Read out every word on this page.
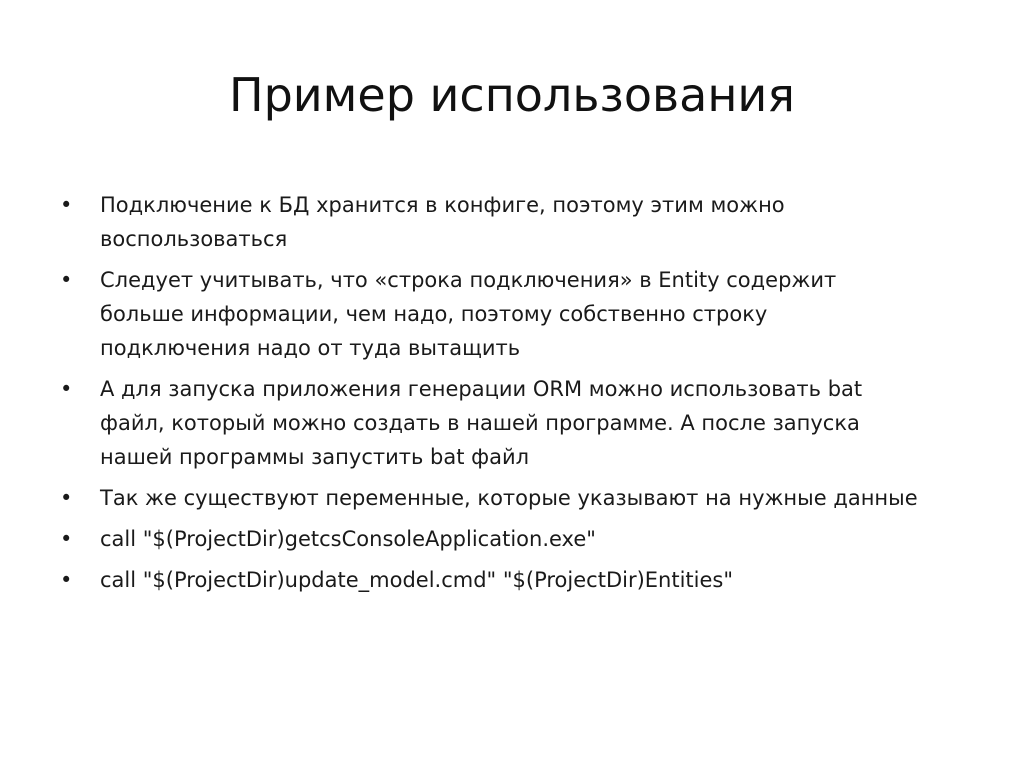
Пример использования
•	Подключение к БД хранится в конфиге, поэтому этим можно воспользоваться
•	Следует учитывать, что «строка подключения» в Entity содержит больше информации, чем надо, поэтому собственно строку подключения надо от туда вытащить
•	А для запуска приложения генерации ORM можно использовать bat файл, который можно создать в нашей программе. А после запуска нашей программы запустить bat файл
•	Так же существуют переменные, которые указывают на нужные данные
•	call "$(ProjectDir)getcsConsoleApplication.exe"
•	call "$(ProjectDir)update_model.cmd" "$(ProjectDir)Entities"
